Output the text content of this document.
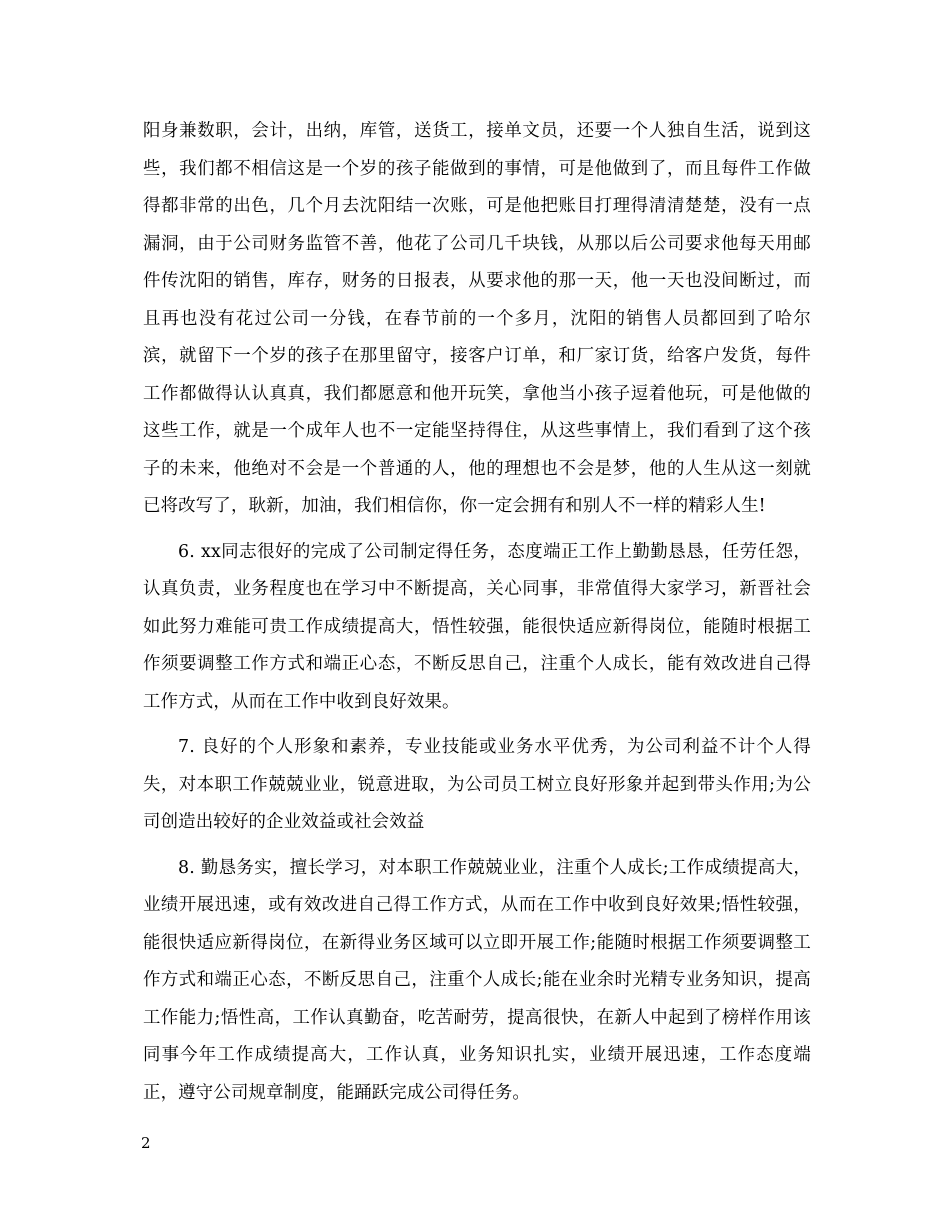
阳身兼数职，会计，出纳，库管，送货工，接单文员，还要一个人独自生活，说到这些，我们都不相信这是一个岁的孩子能做到的事情，可是他做到了，而且每件工作做得都非常的出色，几个月去沈阳结一次账，可是他把账目打理得清清楚楚，没有一点漏洞，由于公司财务监管不善，他花了公司几千块钱，从那以后公司要求他每天用邮件传沈阳的销售，库存，财务的日报表，从要求他的那一天，他一天也没间断过，而且再也没有花过公司一分钱，在春节前的一个多月，沈阳的销售人员都回到了哈尔滨，就留下一个岁的孩子在那里留守，接客户订单，和厂家订货，给客户发货，每件工作都做得认认真真，我们都愿意和他开玩笑，拿他当小孩子逗着他玩，可是他做的这些工作，就是一个成年人也不一定能坚持得住，从这些事情上，我们看到了这个孩子的未来，他绝对不会是一个普通的人，他的理想也不会是梦，他的人生从这一刻就已将改写了，耿新，加油，我们相信你，你一定会拥有和别人不一样的精彩人生!

6. xx同志很好的完成了公司制定得任务，态度端正工作上勤勤恳恳，任劳任怨，认真负责，业务程度也在学习中不断提高，关心同事，非常值得大家学习，新晋社会如此努力难能可贵工作成绩提高大，悟性较强，能很快适应新得岗位，能随时根据工作须要调整工作方式和端正心态，不断反思自己，注重个人成长，能有效改进自己得工作方式，从而在工作中收到良好效果。

7. 良好的个人形象和素养，专业技能或业务水平优秀，为公司利益不计个人得失，对本职工作兢兢业业，锐意进取，为公司员工树立良好形象并起到带头作用;为公司创造出较好的企业效益或社会效益

8. 勤恳务实，擅长学习，对本职工作兢兢业业，注重个人成长;工作成绩提高大，业绩开展迅速，或有效改进自己得工作方式，从而在工作中收到良好效果;悟性较强，能很快适应新得岗位，在新得业务区域可以立即开展工作;能随时根据工作须要调整工作方式和端正心态，不断反思自己，注重个人成长;能在业余时光精专业务知识，提高工作能力;悟性高，工作认真勤奋，吃苦耐劳，提高很快，在新人中起到了榜样作用该同事今年工作成绩提高大，工作认真，业务知识扎实，业绩开展迅速，工作态度端正，遵守公司规章制度，能踊跃完成公司得任务。

2
